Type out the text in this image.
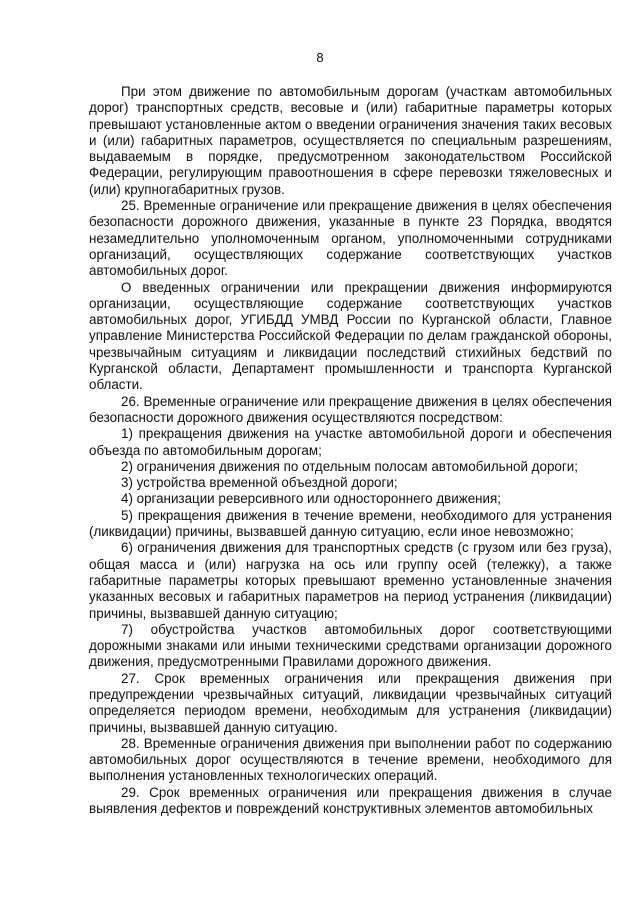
8

При этом движение по автомобильным дорогам (участкам автомобильных дорог) транспортных средств, весовые и (или) габаритные параметры которых превышают установленные актом о введении ограничения значения таких весовых и (или) габаритных параметров, осуществляется по специальным разрешениям, выдаваемым в порядке, предусмотренном законодательством Российской Федерации, регулирующим правоотношения в сфере перевозки тяжеловесных и (или) крупногабаритных грузов.

25. Временные ограничение или прекращение движения в целях обеспечения безопасности дорожного движения, указанные в пункте 23 Порядка, вводятся незамедлительно уполномоченным органом, уполномоченными сотрудниками организаций, осуществляющих содержание соответствующих участков автомобильных дорог.

О введенных ограничении или прекращении движения информируются организации, осуществляющие содержание соответствующих участков автомобильных дорог, УГИБДД УМВД России по Курганской области, Главное управление Министерства Российской Федерации по делам гражданской обороны, чрезвычайным ситуациям и ликвидации последствий стихийных бедствий по Курганской области, Департамент промышленности и транспорта Курганской области.

26. Временные ограничение или прекращение движения в целях обеспечения безопасности дорожного движения осуществляются посредством:

1) прекращения движения на участке автомобильной дороги и обеспечения объезда по автомобильным дорогам;

2) ограничения движения по отдельным полосам автомобильной дороги;

3) устройства временной объездной дороги;

4) организации реверсивного или одностороннего движения;

5) прекращения движения в течение времени, необходимого для устранения (ликвидации) причины, вызвавшей данную ситуацию, если иное невозможно;

6) ограничения движения для транспортных средств (с грузом или без груза), общая масса и (или) нагрузка на ось или группу осей (тележку), а также габаритные параметры которых превышают временно установленные значения указанных весовых и габаритных параметров на период устранения (ликвидации) причины, вызвавшей данную ситуацию;

7) обустройства участков автомобильных дорог соответствующими дорожными знаками или иными техническими средствами организации дорожного движения, предусмотренными Правилами дорожного движения.

27. Срок временных ограничения или прекращения движения при предупреждении чрезвычайных ситуаций, ликвидации чрезвычайных ситуаций определяется периодом времени, необходимым для устранения (ликвидации) причины, вызвавшей данную ситуацию.

28. Временные ограничения движения при выполнении работ по содержанию автомобильных дорог осуществляются в течение времени, необходимого для выполнения установленных технологических операций.

29. Срок временных ограничения или прекращения движения в случае выявления дефектов и повреждений конструктивных элементов автомобильных
